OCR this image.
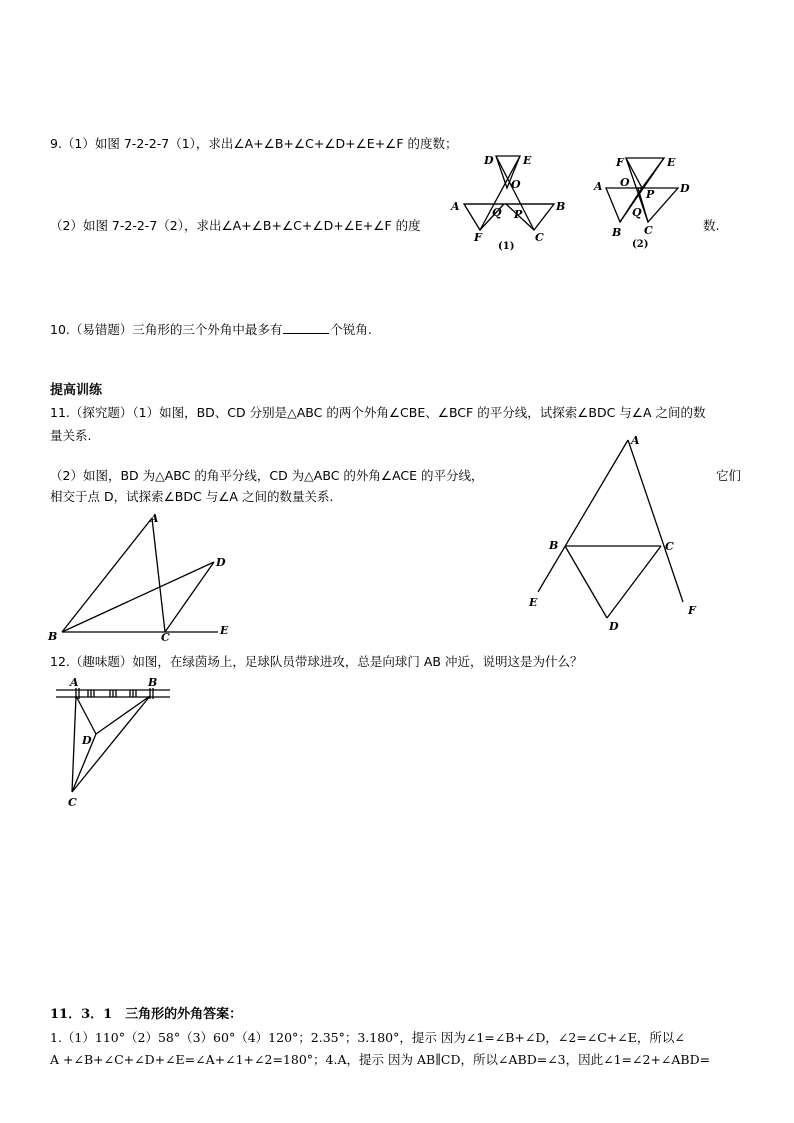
9.（1）如图 7-2-2-7（1），求出∠A+∠B+∠C+∠D+∠E+∠F 的度数；
（2）如图 7-2-2-7（2），求出∠A+∠B+∠C+∠D+∠E+∠F 的度	数.
D	E
O
A	Q P
B
F	C
(1)
F	E
A O
P D
B
Q
C
(2)
10.（易错题）三角形的三个外角中最多有	个锐角.
提高训练
11.（探究题）（1）如图，BD、CD 分别是△ABC 的两个外角∠CBE、∠BCF 的平分线，试探索∠BDC 与∠A 之间的数
量关系.
（2）如图，BD 为△ABC 的角平分线，CD 为△ABC 的外角∠ACE 的平分线，	它们
相交于点 D，试探索∠BDC 与∠A 之间的数量关系.
A
D
B	C
E
A
B	C
E
D
F
12.（趣味题）如图，在绿茵场上，足球队员带球进攻，总是向球门 AB 冲近，说明这是为什么？
A	B
D
C
11．3．1　三角形的外角答案：
1.（1）110°（2）58°（3）60°（4）120°；2.35°；3.180°，提示 因为∠1=∠B+∠D，∠2=∠C+∠E，所以∠
A +∠B+∠C+∠D+∠E=∠A+∠1+∠2=180°；4.A，提示 因为 AB∥CD，所以∠ABD=∠3，因此∠1=∠2+∠ABD=
